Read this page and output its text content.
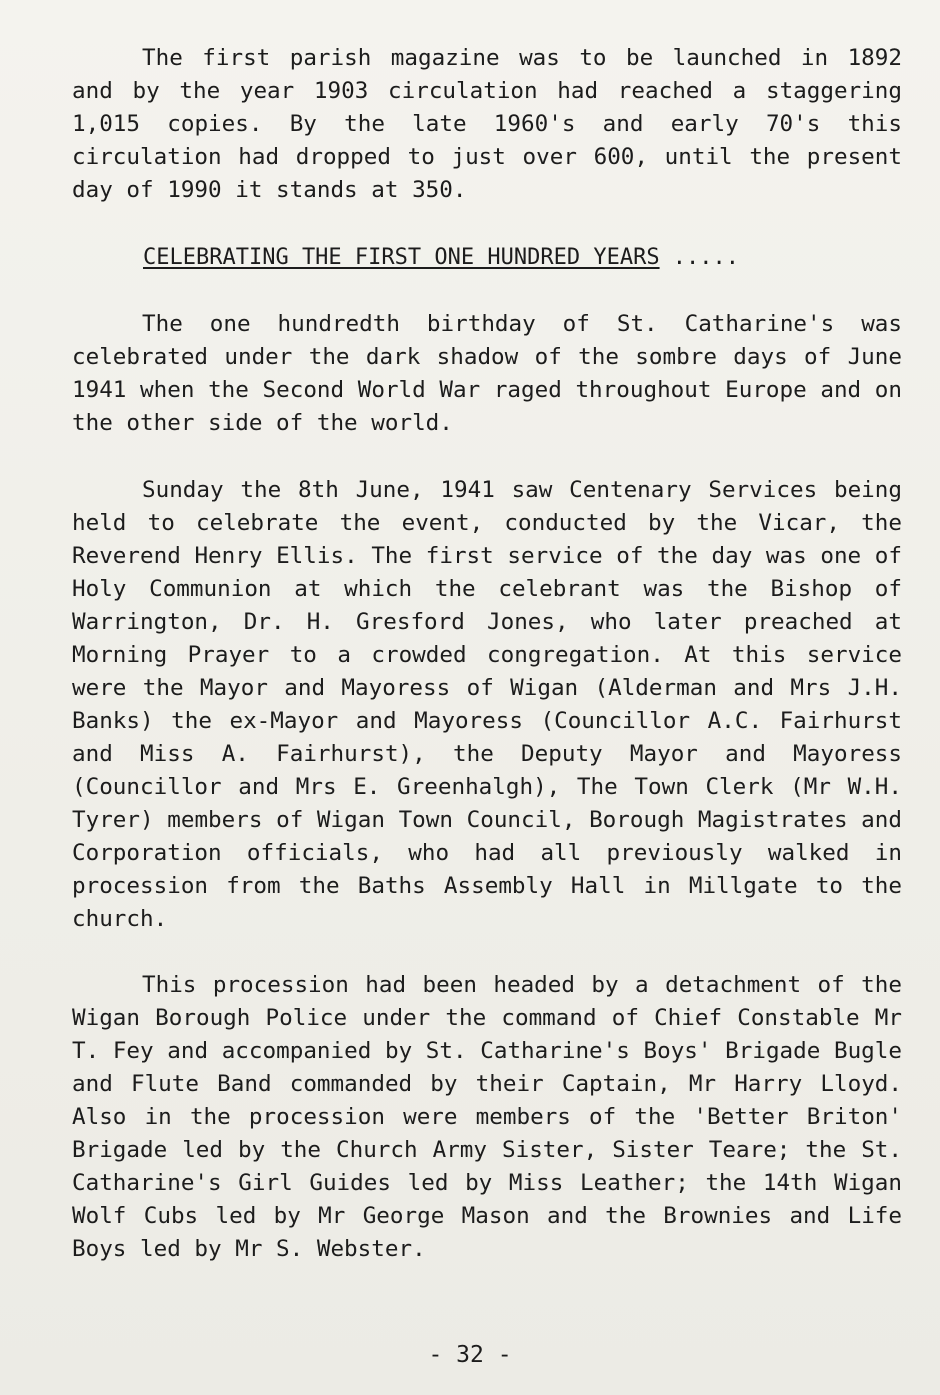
The first parish magazine was to be launched in 1892 and by the year 1903 circulation had reached a staggering 1,015 copies. By the late 1960's and early 70's this circulation had dropped to just over 600, until the present day of 1990 it stands at 350.

CELEBRATING THE FIRST ONE HUNDRED YEARS .....

The one hundredth birthday of St. Catharine's was celebrated under the dark shadow of the sombre days of June 1941 when the Second World War raged throughout Europe and on the other side of the world.

Sunday the 8th June, 1941 saw Centenary Services being held to celebrate the event, conducted by the Vicar, the Reverend Henry Ellis. The first service of the day was one of Holy Communion at which the celebrant was the Bishop of Warrington, Dr. H. Gresford Jones, who later preached at Morning Prayer to a crowded congregation. At this service were the Mayor and Mayoress of Wigan (Alderman and Mrs J.H. Banks) the ex-Mayor and Mayoress (Councillor A.C. Fairhurst and Miss A. Fairhurst), the Deputy Mayor and Mayoress (Councillor and Mrs E. Greenhalgh), The Town Clerk (Mr W.H. Tyrer) members of Wigan Town Council, Borough Magistrates and Corporation officials, who had all previously walked in procession from the Baths Assembly Hall in Millgate to the church.

This procession had been headed by a detachment of the Wigan Borough Police under the command of Chief Constable Mr T. Fey and accompanied by St. Catharine's Boys' Brigade Bugle and Flute Band commanded by their Captain, Mr Harry Lloyd. Also in the procession were members of the 'Better Briton' Brigade led by the Church Army Sister, Sister Teare; the St. Catharine's Girl Guides led by Miss Leather; the 14th Wigan Wolf Cubs led by Mr George Mason and the Brownies and Life Boys led by Mr S. Webster.

- 32 -
